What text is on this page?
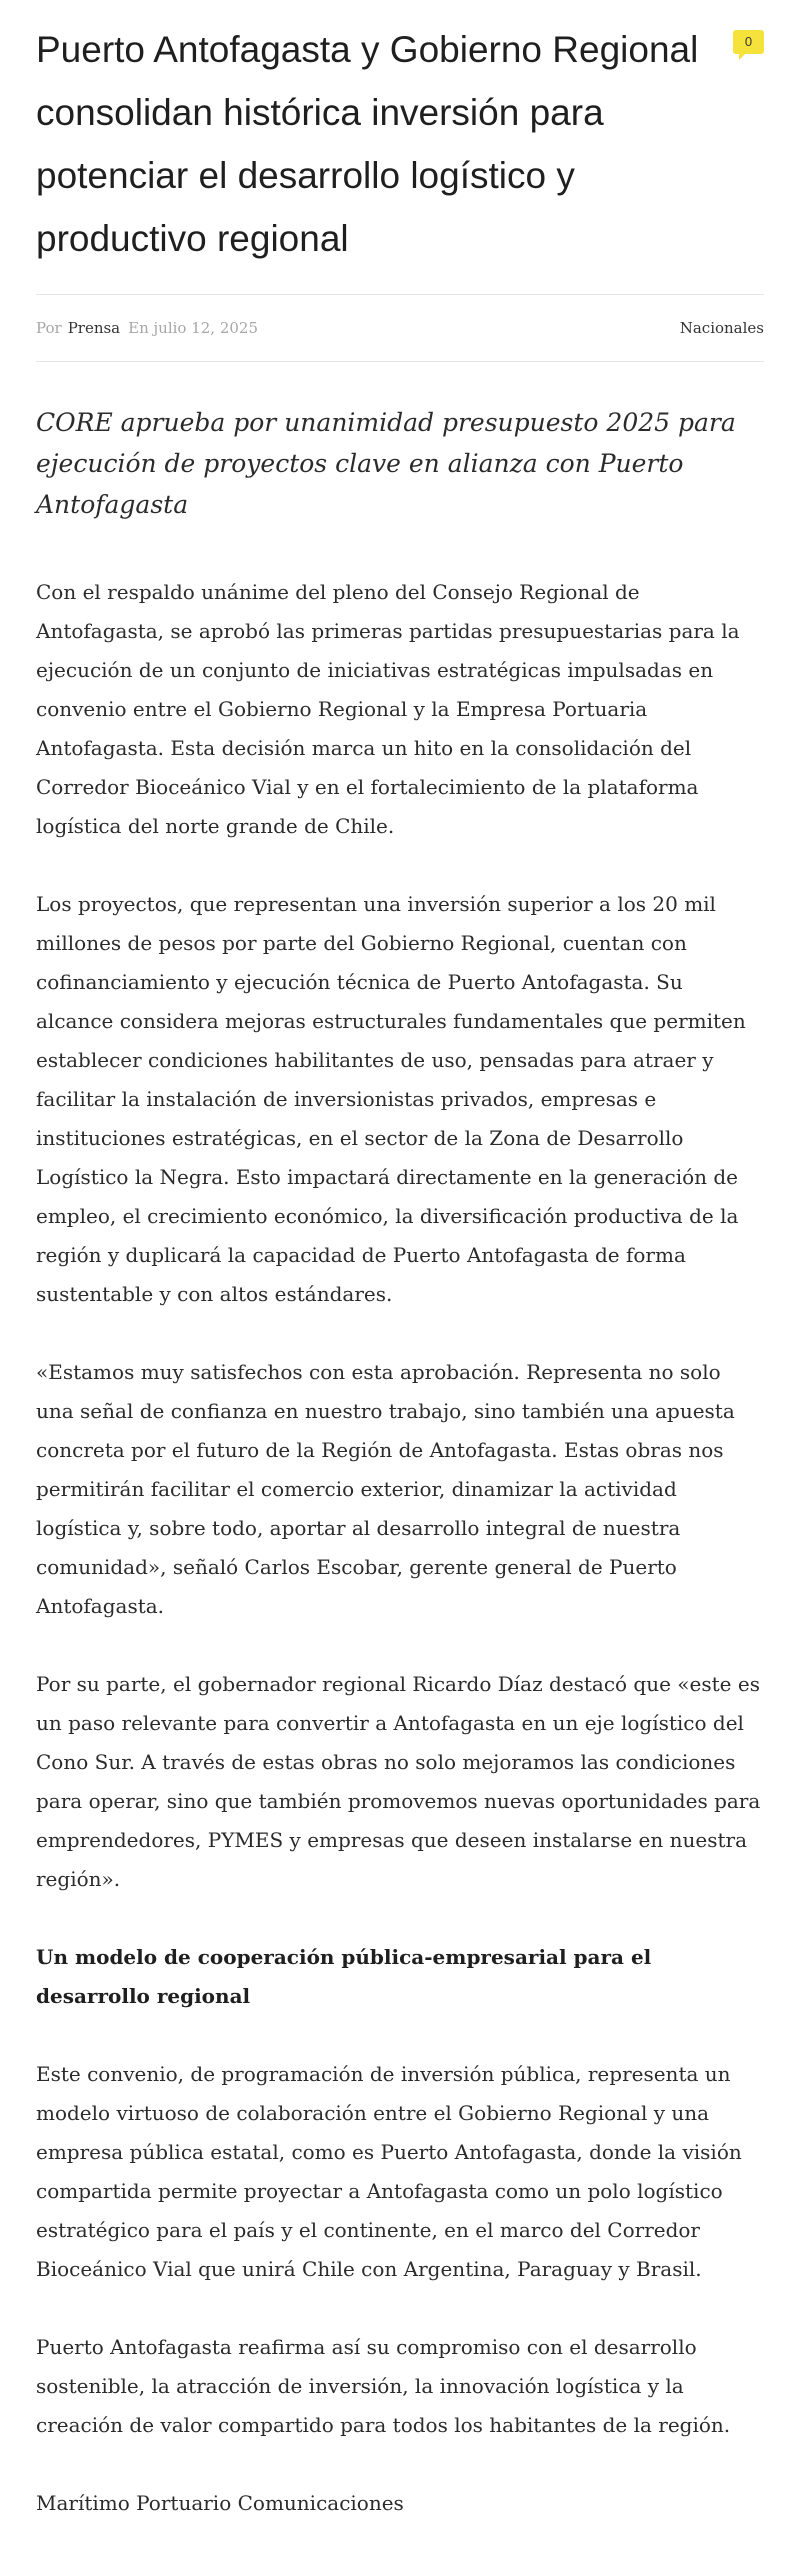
Puerto Antofagasta y Gobierno Regional consolidan histórica inversión para potenciar el desarrollo logístico y productivo regional
0
Por Prensa En julio 12, 2025	Nacionales

CORE aprueba por unanimidad presupuesto 2025 para ejecución de proyectos clave en alianza con Puerto Antofagasta

Con el respaldo unánime del pleno del Consejo Regional de Antofagasta, se aprobó las primeras partidas presupuestarias para la ejecución de un conjunto de iniciativas estratégicas impulsadas en convenio entre el Gobierno Regional y la Empresa Portuaria Antofagasta. Esta decisión marca un hito en la consolidación del Corredor Bioceánico Vial y en el fortalecimiento de la plataforma logística del norte grande de Chile.

Los proyectos, que representan una inversión superior a los 20 mil millones de pesos por parte del Gobierno Regional, cuentan con cofinanciamiento y ejecución técnica de Puerto Antofagasta. Su alcance considera mejoras estructurales fundamentales que permiten establecer condiciones habilitantes de uso, pensadas para atraer y facilitar la instalación de inversionistas privados, empresas e instituciones estratégicas, en el sector de la Zona de Desarrollo Logístico la Negra. Esto impactará directamente en la generación de empleo, el crecimiento económico, la diversificación productiva de la región y duplicará la capacidad de Puerto Antofagasta de forma sustentable y con altos estándares.

«Estamos muy satisfechos con esta aprobación. Representa no solo una señal de confianza en nuestro trabajo, sino también una apuesta concreta por el futuro de la Región de Antofagasta. Estas obras nos permitirán facilitar el comercio exterior, dinamizar la actividad logística y, sobre todo, aportar al desarrollo integral de nuestra comunidad», señaló Carlos Escobar, gerente general de Puerto Antofagasta.

Por su parte, el gobernador regional Ricardo Díaz destacó que «este es un paso relevante para convertir a Antofagasta en un eje logístico del Cono Sur. A través de estas obras no solo mejoramos las condiciones para operar, sino que también promovemos nuevas oportunidades para emprendedores, PYMES y empresas que deseen instalarse en nuestra región».

Un modelo de cooperación pública-empresarial para el desarrollo regional

Este convenio, de programación de inversión pública, representa un modelo virtuoso de colaboración entre el Gobierno Regional y una empresa pública estatal, como es Puerto Antofagasta, donde la visión compartida permite proyectar a Antofagasta como un polo logístico estratégico para el país y el continente, en el marco del Corredor Bioceánico Vial que unirá Chile con Argentina, Paraguay y Brasil.

Puerto Antofagasta reafirma así su compromiso con el desarrollo sostenible, la atracción de inversión, la innovación logística y la creación de valor compartido para todos los habitantes de la región.

Marítimo Portuario Comunicaciones
